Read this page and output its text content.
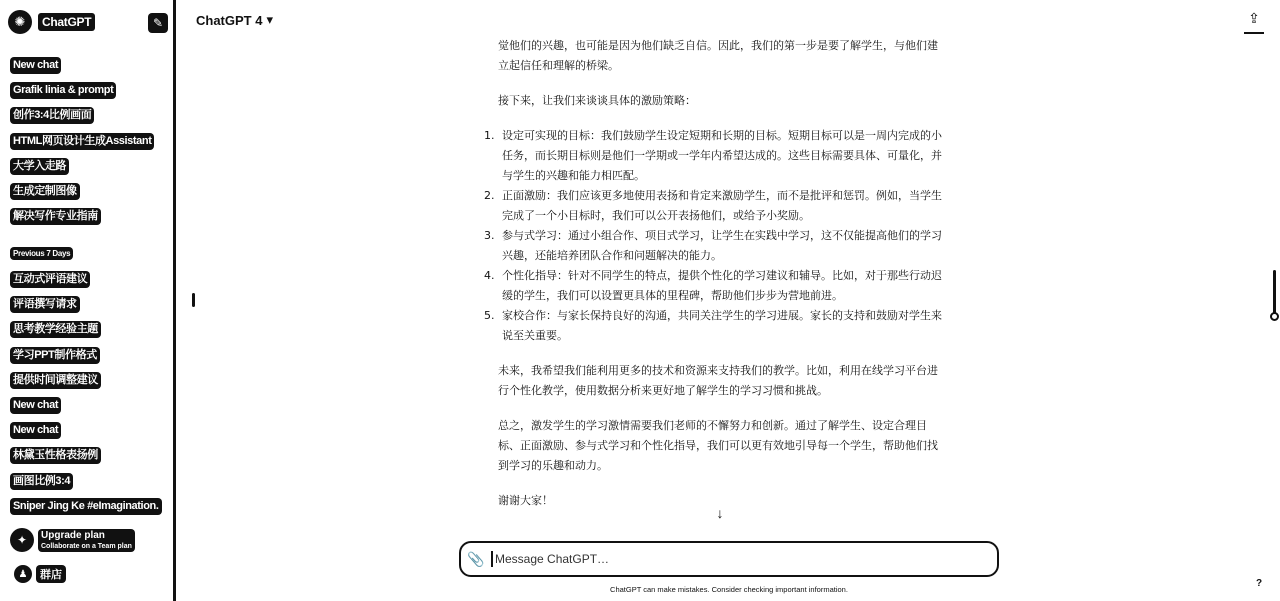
✺	ChatGPT	✎
New chat
Grafik linia & prompt
创作3:4比例画面
HTML网页设计生成Assistant
大学入走路
生成定制图像
解决写作专业指南
Previous 7 Days
互动式评语建议
评语撰写请求
思考教学经验主题
学习PPT制作格式
提供时间调整建议
New chat
New chat
林黛玉性格表扬例
画图比例3:4
Sniper Jing Ke #eImagination.
✦	Upgrade plan
Collaborate on a Team plan
♟	群店
ChatGPT 4 ▾	⇪

觉他们的兴趣，也可能是因为他们缺乏自信。因此，我们的第一步是要了解学生，与他们建立起信任和理解的桥梁。

接下来，让我们来谈谈具体的激励策略：

1. 设定可实现的目标：我们鼓励学生设定短期和长期的目标。短期目标可以是一周内完成的小任务，而长期目标则是他们一学期或一学年内希望达成的。这些目标需要具体、可量化，并与学生的兴趣和能力相匹配。
2. 正面激励：我们应该更多地使用表扬和肯定来激励学生，而不是批评和惩罚。例如，当学生完成了一个小目标时，我们可以公开表扬他们，或给予小奖励。
3. 参与式学习：通过小组合作、项目式学习，让学生在实践中学习，这不仅能提高他们的学习兴趣，还能培养团队合作和问题解决的能力。
4. 个性化指导：针对不同学生的特点，提供个性化的学习建议和辅导。比如，对于那些行动迟缓的学生，我们可以设置更具体的里程碑，帮助他们步步为营地前进。
5. 家校合作：与家长保持良好的沟通，共同关注学生的学习进展。家长的支持和鼓励对学生来说至关重要。

未来，我希望我们能利用更多的技术和资源来支持我们的教学。比如，利用在线学习平台进行个性化教学，使用数据分析来更好地了解学生的学习习惯和挑战。

总之，激发学生的学习激情需要我们老师的不懈努力和创新。通过了解学生、设定合理目标、正面激励、参与式学习和个性化指导，我们可以更有效地引导每一个学生，帮助他们找到学习的乐趣和动力。

谢谢大家！

↓
📎
Message ChatGPT…
ChatGPT can make mistakes. Consider checking important information.
?
